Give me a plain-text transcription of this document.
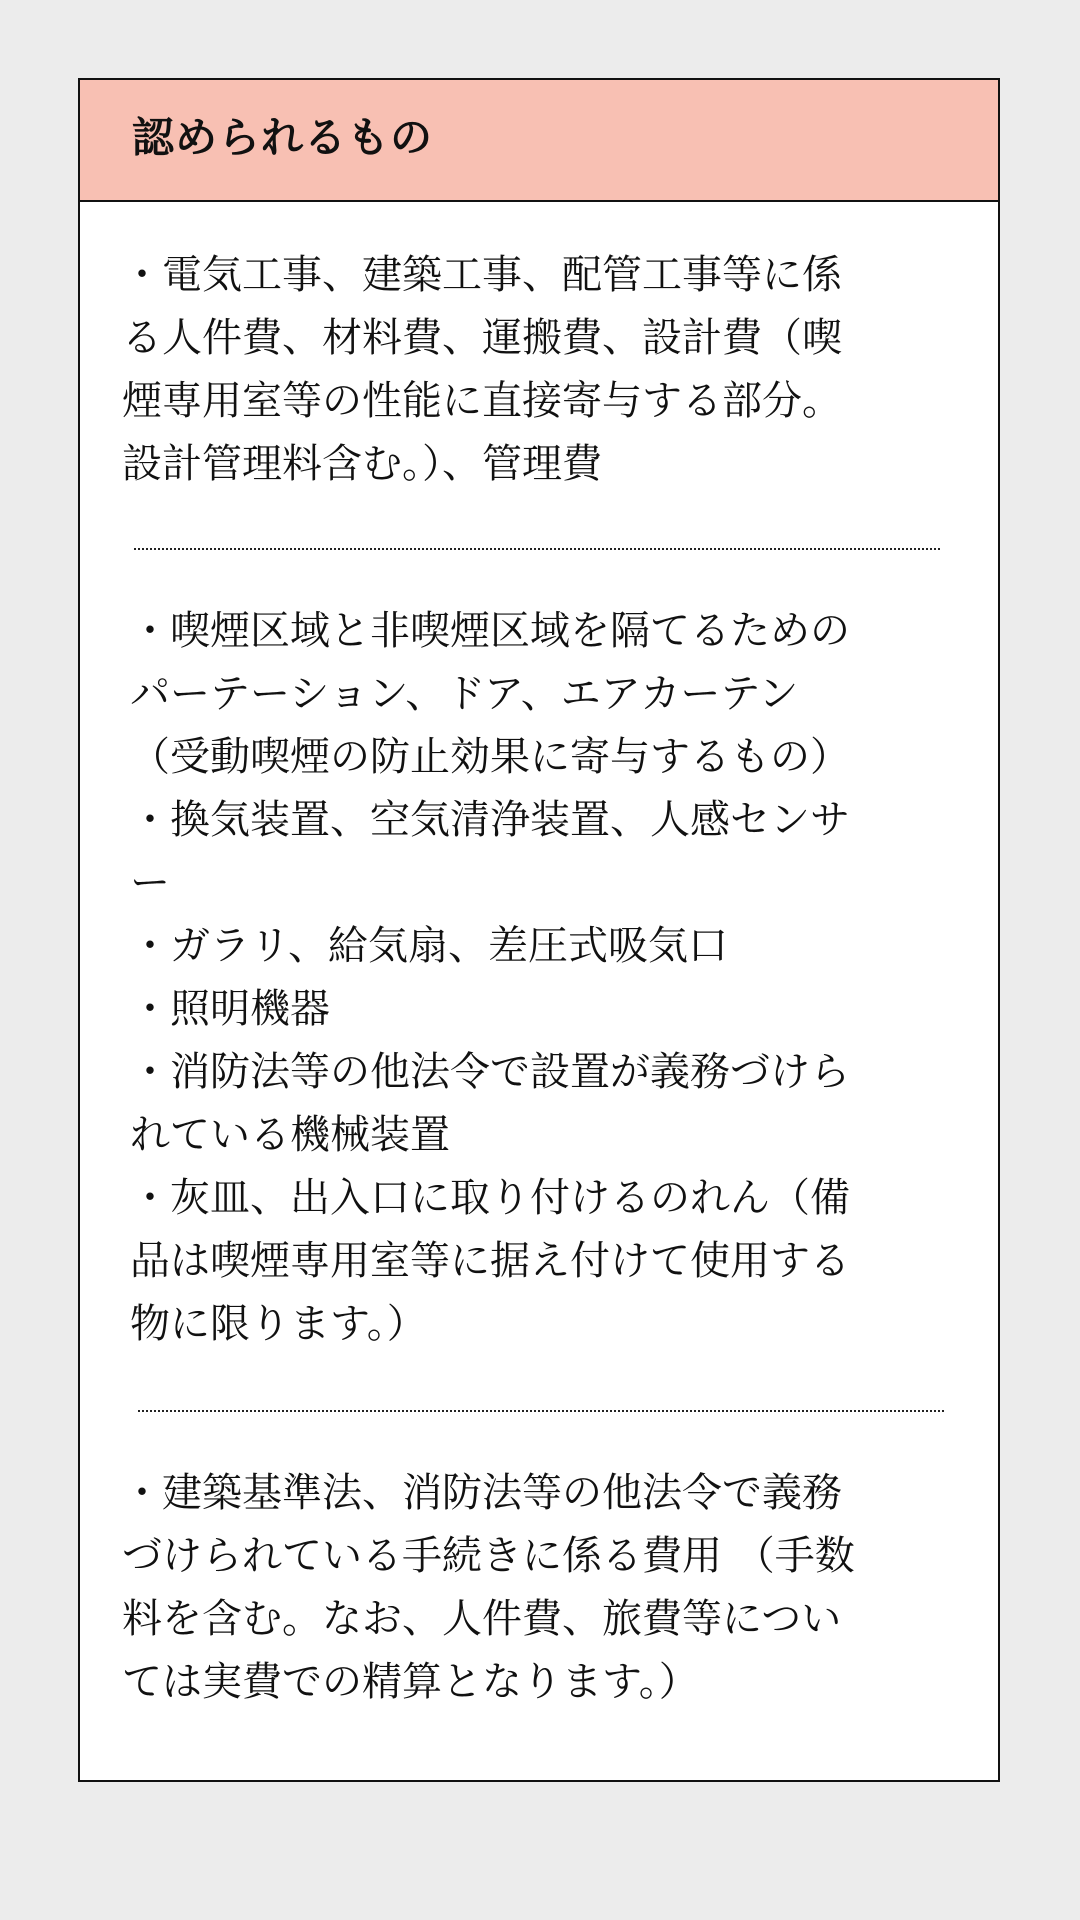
認められるもの
・電気工事、建築工事、配管工事等に係
る人件費、材料費、運搬費、設計費（喫
煙専用室等の性能に直接寄与する部分。
設計管理料含む。）、管理費
・喫煙区域と非喫煙区域を隔てるための
パーテーション、ドア、エアカーテン
（受動喫煙の防止効果に寄与するもの）
・換気装置、空気清浄装置、人感センサ
ー
・ガラリ、給気扇、差圧式吸気口
・照明機器
・消防法等の他法令で設置が義務づけら
れている機械装置
・灰皿、出入口に取り付けるのれん（備
品は喫煙専用室等に据え付けて使用する
物に限ります。）
・建築基準法、消防法等の他法令で義務
づけられている手続きに係る費用 （手数
料を含む。なお、人件費、旅費等につい
ては実費での精算となります。）
